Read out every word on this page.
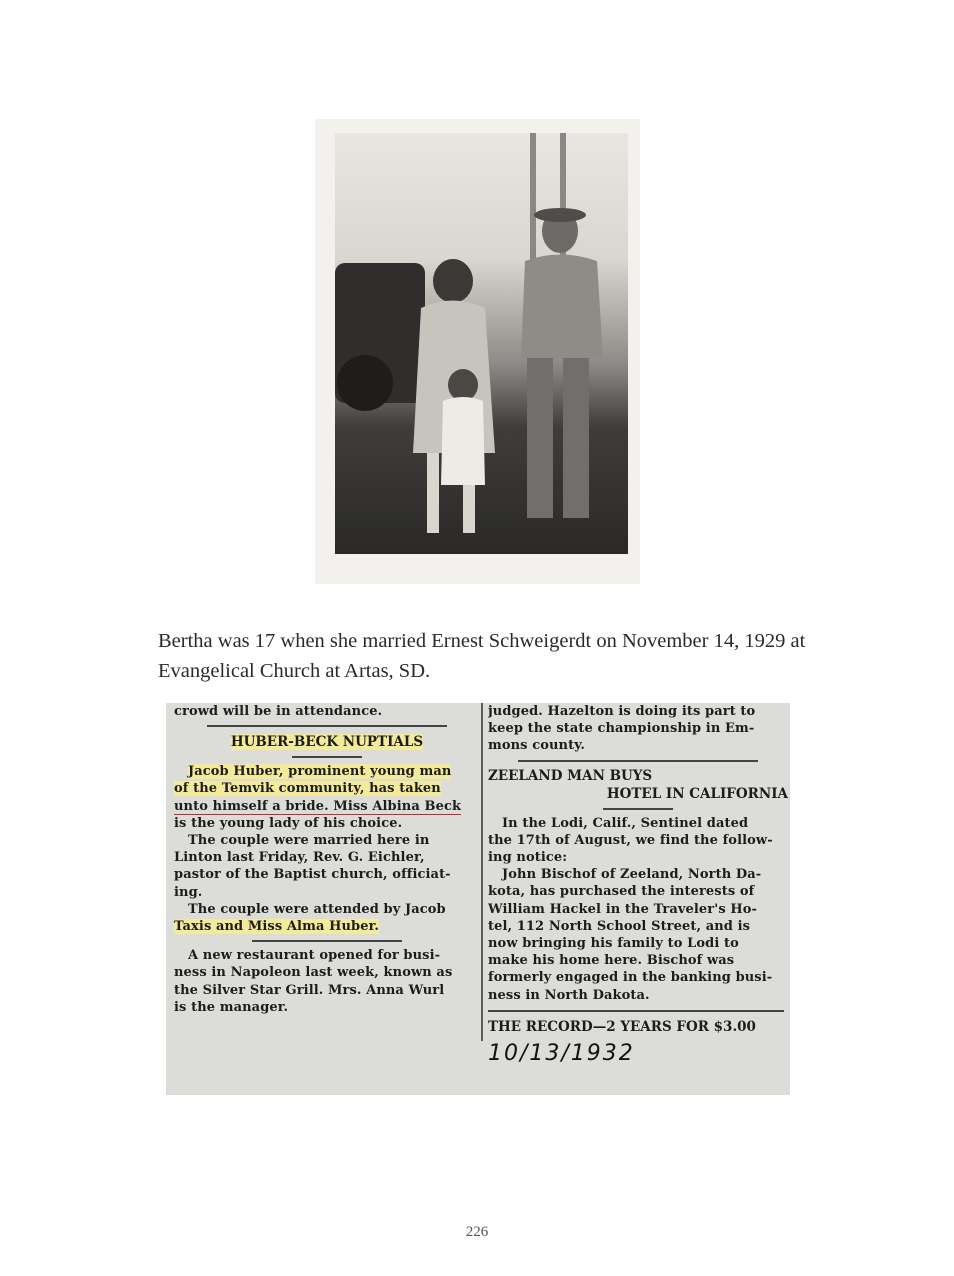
Bertha was 17 when she married Ernest Schweigerdt on November 14, 1929 at Evangelical Church at Artas, SD.
crowd will be in attendance.
HUBER-BECK NUPTIALS
Jacob Huber, prominent young man
of the Temvik community, has taken
unto himself a bride. Miss Albina Beck
is the young lady of his choice.
The couple were married here in
Linton last Friday, Rev. G. Eichler,
pastor of the Baptist church, officiat-
ing.
The couple were attended by Jacob
Taxis and Miss Alma Huber.
A new restaurant opened for busi-
ness in Napoleon last week, known as
the Silver Star Grill. Mrs. Anna Wurl
is the manager.
judged. Hazelton is doing its part to
keep the state championship in Em-
mons county.
ZEELAND MAN BUYS
HOTEL IN CALIFORNIA
In the Lodi, Calif., Sentinel dated
the 17th of August, we find the follow-
ing notice:
John Bischof of Zeeland, North Da-
kota, has purchased the interests of
William Hackel in the Traveler's Ho-
tel, 112 North School Street, and is
now bringing his family to Lodi to
make his home here. Bischof was
formerly engaged in the banking busi-
ness in North Dakota.
THE RECORD—2 YEARS FOR $3.00
10/13/1932
226
